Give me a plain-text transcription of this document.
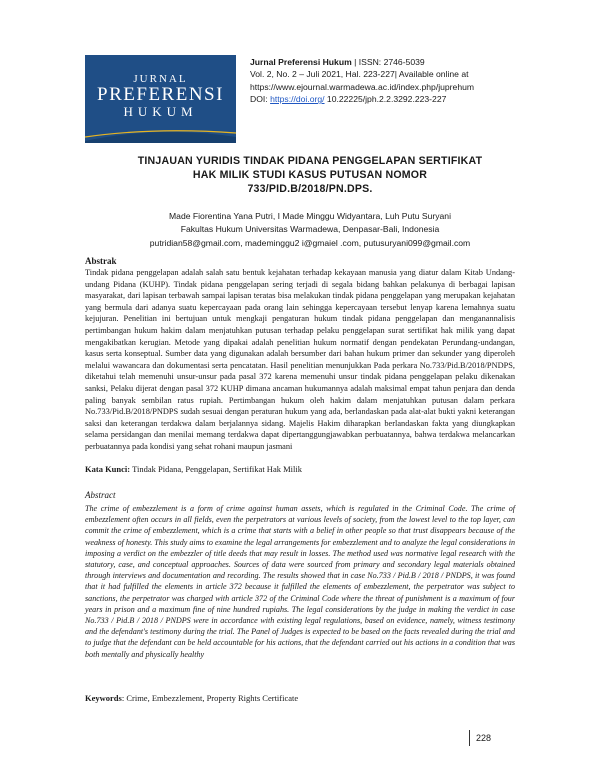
JURNAL
PREFERENSI
HUKUM
Jurnal Preferensi Hukum | ISSN: 2746-5039
Vol. 2, No. 2 – Juli 2021, Hal. 223-227| Available online at
https://www.ejournal.warmadewa.ac.id/index.php/juprehum
DOI: https://doi.org/ 10.22225/jph.2.2.3292.223-227
TINJAUAN YURIDIS TINDAK PIDANA PENGGELAPAN SERTIFIKAT
HAK MILIK STUDI KASUS PUTUSAN NOMOR
733/PID.B/2018/PN.DPS.
Made Fiorentina Yana Putri, I Made Minggu Widyantara, Luh Putu Suryani
Fakultas Hukum Universitas Warmadewa, Denpasar-Bali, Indonesia
putridian58@gmail.com, mademinggu2 i@gmaiel .com, putusuryani099@gmail.com
Abstrak
Tindak pidana penggelapan adalah salah satu bentuk kejahatan terhadap kekayaan manusia yang diatur dalam Kitab Undang-undang Pidana (KUHP). Tindak pidana penggelapan sering terjadi di segala bidang bahkan pelakunya di berbagai lapisan masyarakat, dari lapisan terbawah sampai lapisan teratas bisa melakukan tindak pidana penggelapan yang merupakan kejahatan yang bermula dari adanya suatu kepercayaan pada orang lain sehingga kepercayaan tersebut lenyap karena lemahnya suatu kejujuran. Penelitian ini bertujuan untuk mengkaji pengaturan hukum tindak pidana penggelapan dan menganannalisis pertimbangan hukum hakim dalam menjatuhkan putusan terhadap pelaku penggelapan surat sertifikat hak milik yang dapat mengakibatkan kerugian. Metode yang dipakai adalah penelitian hukum normatif dengan pendekatan Perundang-undangan, kasus serta konseptual. Sumber data yang digunakan adalah bersumber dari bahan hukum primer dan sekunder yang diperoleh melalui wawancara dan dokumentasi serta pencatatan. Hasil penelitian menunjukkan Pada perkara No.733/Pid.B/2018/PNDPS, diketahui telah memenuhi unsur-unsur pada pasal 372 karena memenuhi unsur tindak pidana penggelapan pelaku dikenakan sanksi, Pelaku dijerat dengan pasal 372 KUHP dimana ancaman hukumannya adalah maksimal empat tahun penjara dan denda paling banyak sembilan ratus rupiah. Pertimbangan hukum oleh hakim dalam menjatuhkan putusan dalam perkara No.733/Pid.B/2018/PNDPS sudah sesuai dengan peraturan hukum yang ada, berlandaskan pada alat-alat bukti yakni keterangan saksi dan keterangan terdakwa dalam berjalannya sidang. Majelis Hakim diharapkan berlandaskan fakta yang diungkapkan selama persidangan dan menilai memang terdakwa dapat dipertanggungjawabkan perbuatannya, bahwa terdakwa melancarkan perbuatannya pada kondisi yang sehat rohani maupun jasmani
Kata Kunci: Tindak Pidana, Penggelapan, Sertifikat Hak Milik
Abstract
The crime of embezzlement is a form of crime against human assets, which is regulated in the Criminal Code. The crime of embezzlement often occurs in all fields, even the perpetrators at various levels of society, from the lowest level to the top layer, can commit the crime of embezzlement, which is a crime that starts with a belief in other people so that trust disappears because of the weakness of honesty. This study aims to examine the legal arrangements for embezzlement and to analyze the legal considerations in imposing a verdict on the embezzler of title deeds that may result in losses. The method used was normative legal research with the statutory, case, and conceptual approaches. Sources of data were sourced from primary and secondary legal materials obtained through interviews and documentation and recording. The results showed that in case No.733 / Pid.B / 2018 / PNDPS, it was found that it had fulfilled the elements in article 372 because it fulfilled the elements of embezzlement, the perpetrator was subject to sanctions, the perpetrator was charged with article 372 of the Criminal Code where the threat of punishment is a maximum of four years in prison and a maximum fine of nine hundred rupiahs. The legal considerations by the judge in making the verdict in case No.733 / Pid.B / 2018 / PNDPS were in accordance with existing legal regulations, based on evidence, namely, witness testimony and the defendant's testimony during the trial. The Panel of Judges is expected to be based on the facts revealed during the trial and to judge that the defendant can be held accountable for his actions, that the defendant carried out his actions in a condition that was both mentally and physically healthy
Keywords: Crime, Embezzlement, Property Rights Certificate
228
